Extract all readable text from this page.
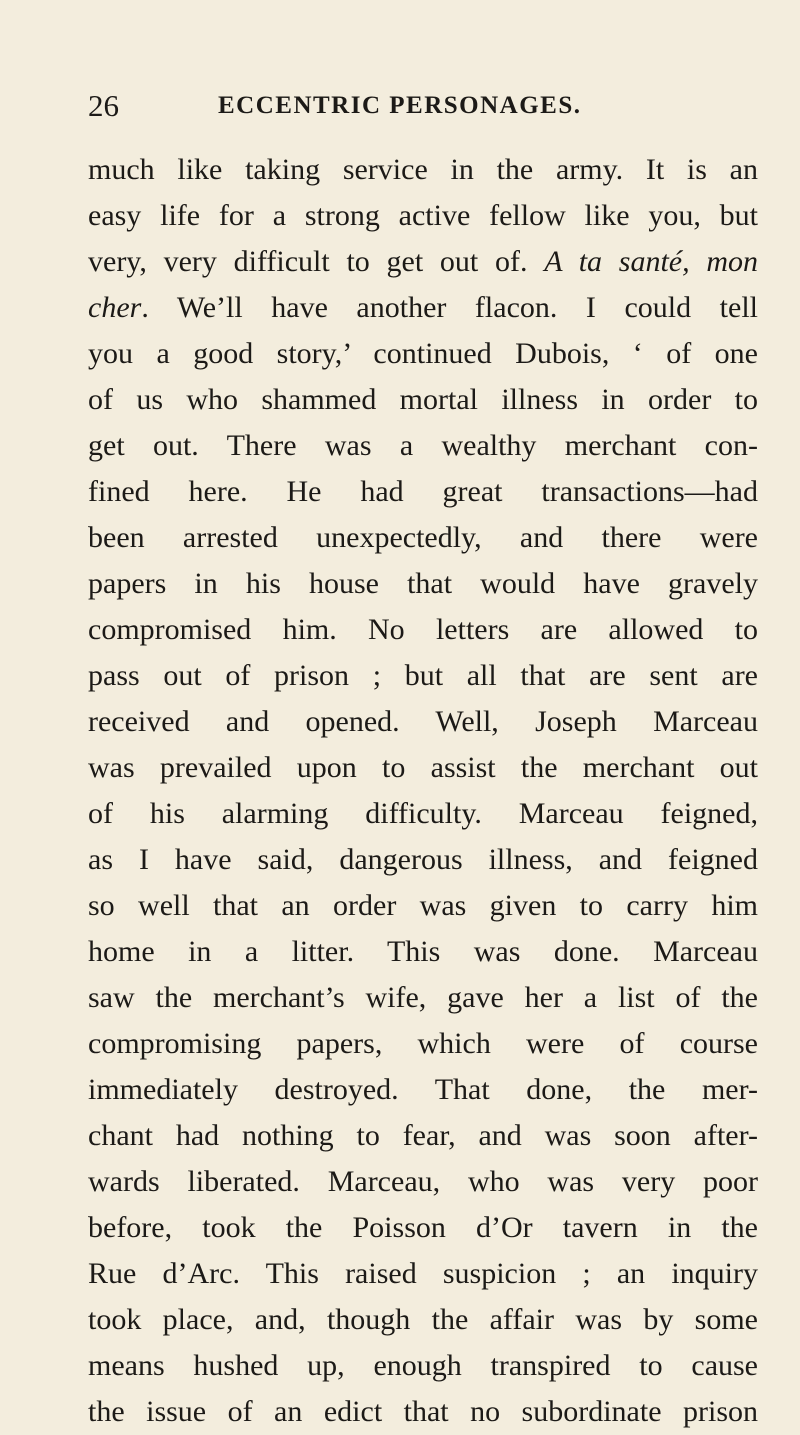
26	ECCENTRIC PERSONAGES.
much like taking service in the army. It is an
easy life for a strong active fellow like you, but
very, very difficult to get out of. A ta santé, mon
cher. We’ll have another flacon. I could tell
you a good story,’ continued Dubois, ‘ of one
of us who shammed mortal illness in order to
get out. There was a wealthy merchant con-
fined here. He had great transactions—had
been arrested unexpectedly, and there were
papers in his house that would have gravely
compromised him. No letters are allowed to
pass out of prison ; but all that are sent are
received and opened. Well, Joseph Marceau
was prevailed upon to assist the merchant out
of his alarming difficulty. Marceau feigned,
as I have said, dangerous illness, and feigned
so well that an order was given to carry him
home in a litter. This was done. Marceau
saw the merchant’s wife, gave her a list of the
compromising papers, which were of course
immediately destroyed. That done, the mer-
chant had nothing to fear, and was soon after-
wards liberated. Marceau, who was very poor
before, took the Poisson d’Or tavern in the
Rue d’Arc. This raised suspicion ; an inquiry
took place, and, though the affair was by some
means hushed up, enough transpired to cause
the issue of an edict that no subordinate prison
